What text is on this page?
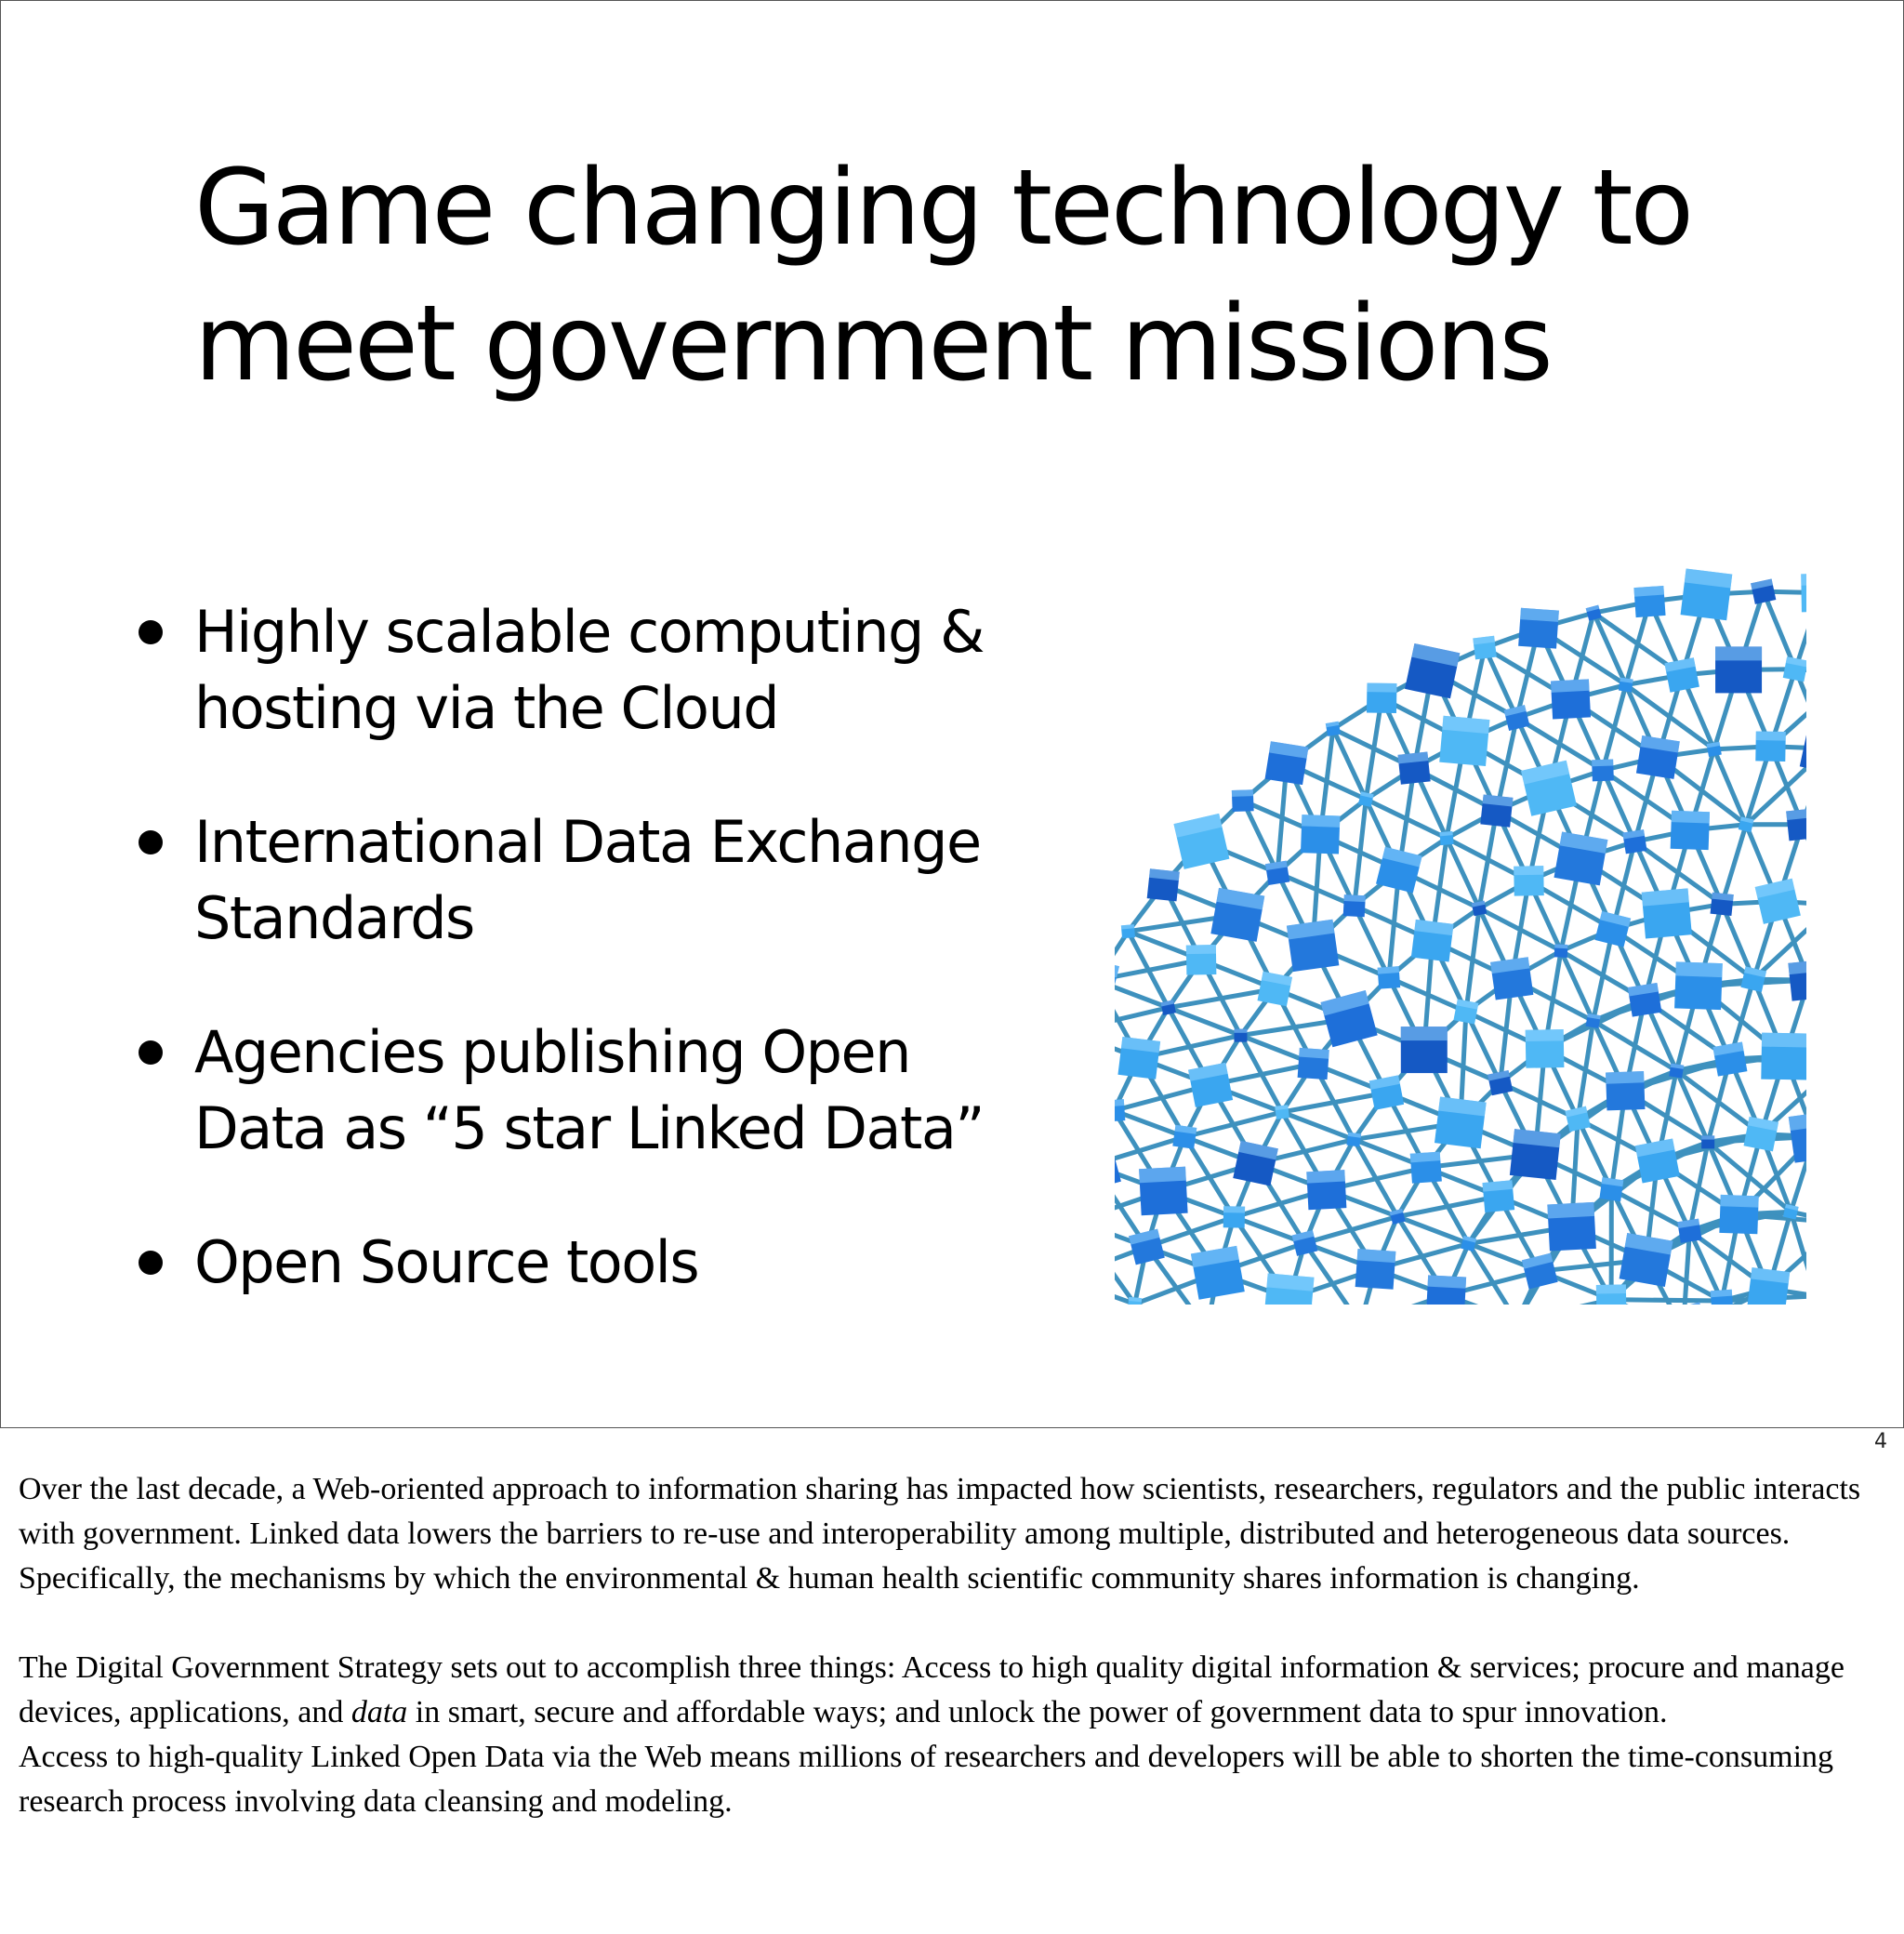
Game changing technology to
meet government missions
Highly scalable computing &
hosting via the Cloud
International Data Exchange
Standards
Agencies publishing Open
Data as “5 star Linked Data”
Open Source tools
4

Over the last decade, a Web-oriented approach to information sharing has impacted how scientists, researchers, regulators and the public interacts with government. Linked data lowers the barriers to re-use and interoperability among multiple, distributed and heterogeneous data sources. Specifically, the mechanisms by which the environmental & human health scientific community shares information is changing.

The Digital Government Strategy sets out to accomplish three things: Access to high quality digital information & services; procure and manage devices, applications, and data in smart, secure and affordable ways; and unlock the power of government data to spur innovation.

Access to high-quality Linked Open Data via the Web means millions of researchers and developers will be able to shorten the time-consuming research process involving data cleansing and modeling.
